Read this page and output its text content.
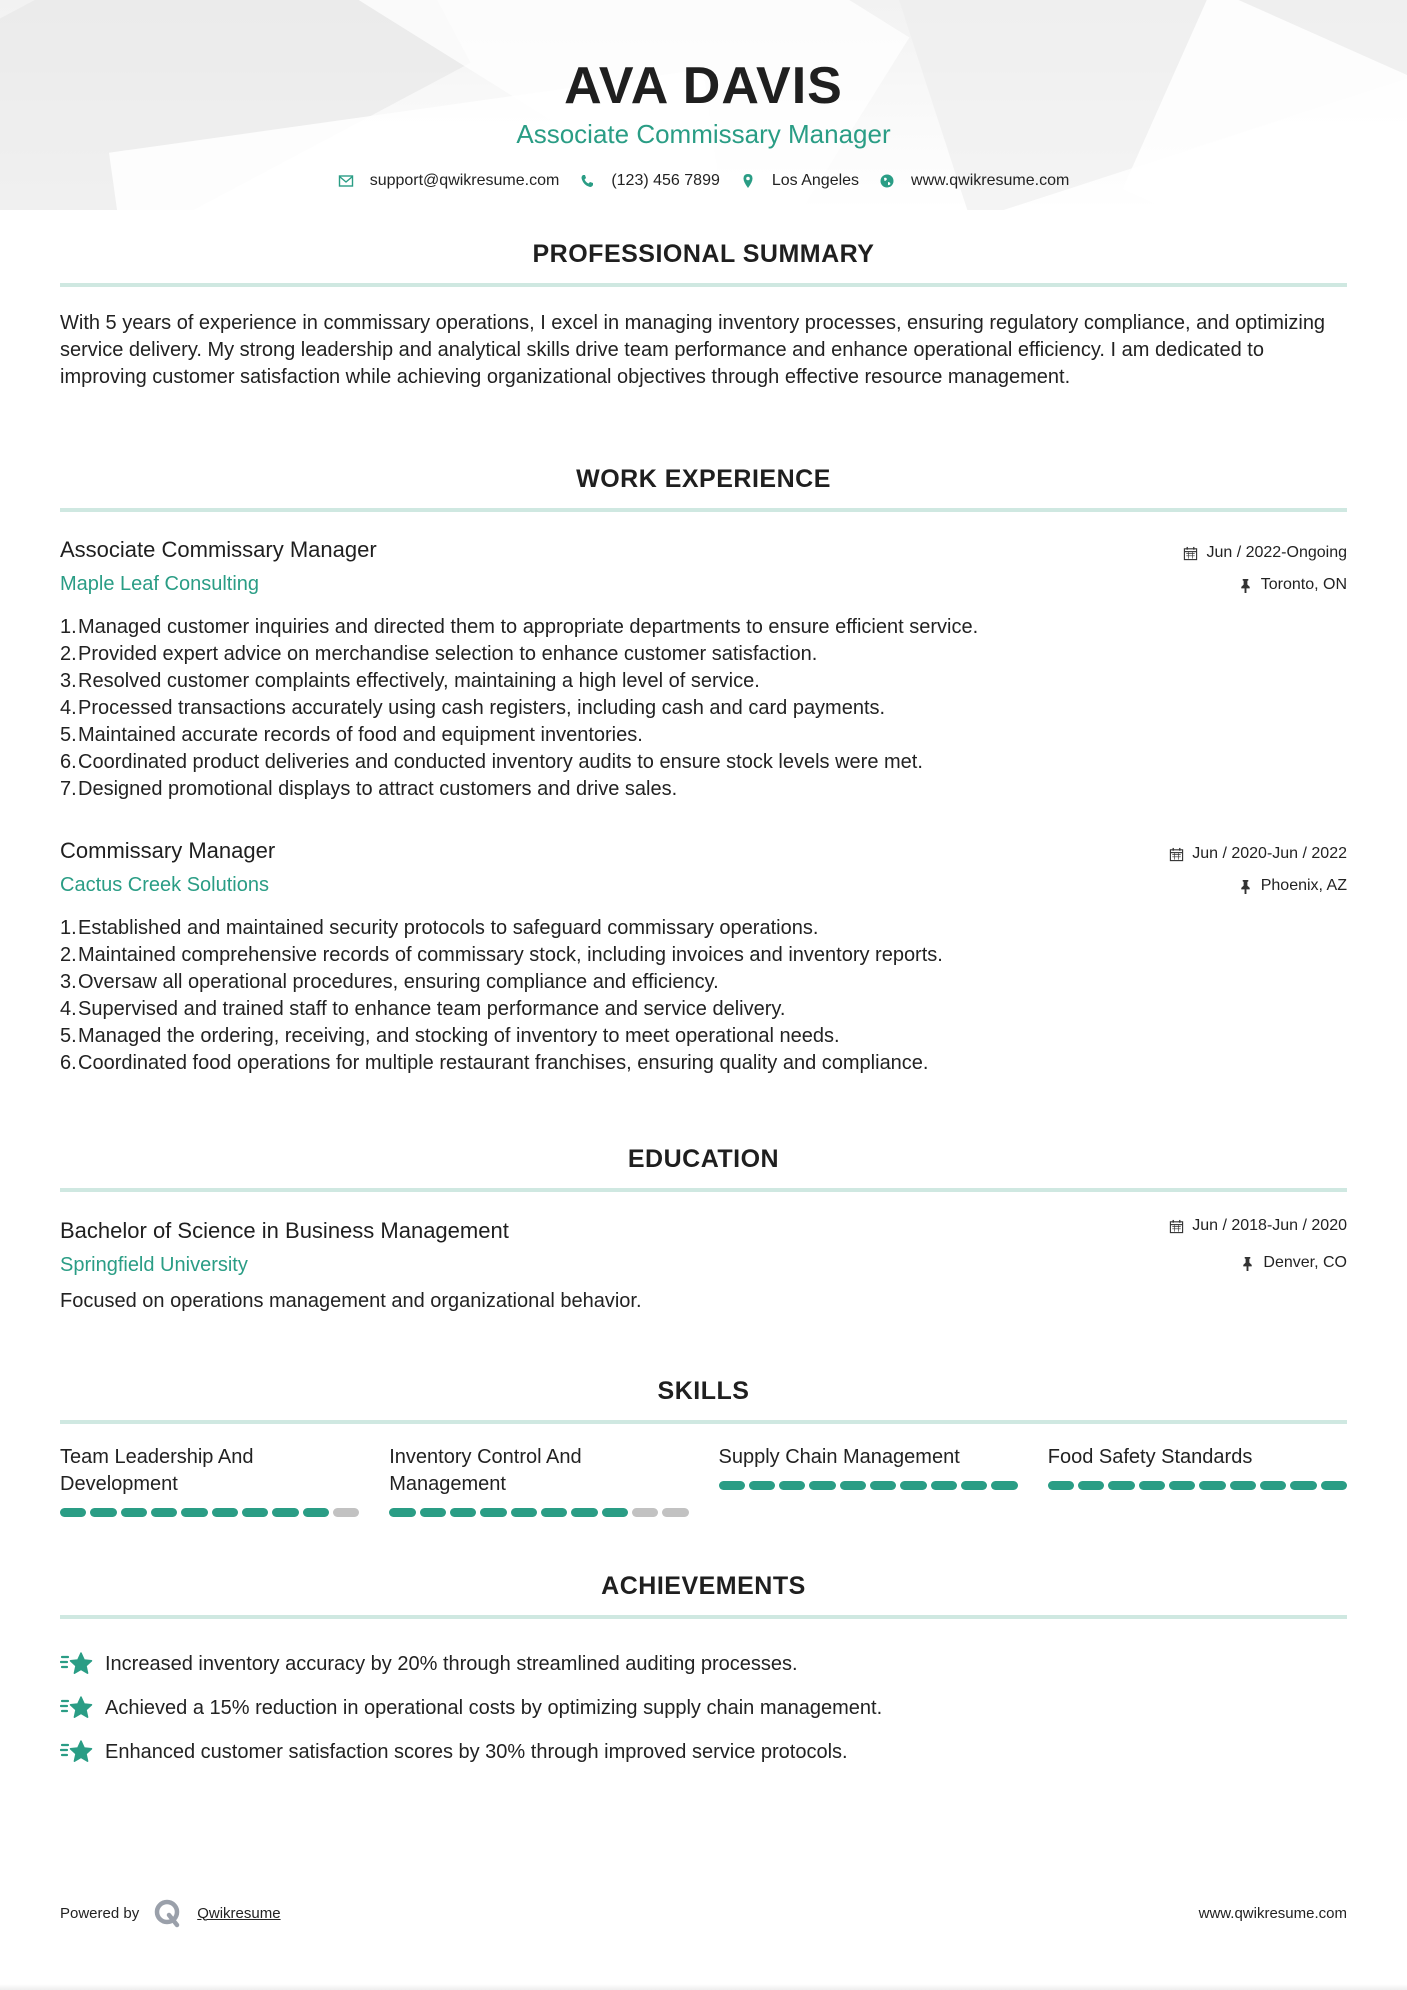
AVA DAVIS
Associate Commissary Manager
support@qwikresume.com	(123) 456 7899	Los Angeles	www.qwikresume.com
PROFESSIONAL SUMMARY

With 5 years of experience in commissary operations, I excel in managing inventory processes, ensuring regulatory compliance, and optimizing service delivery. My strong leadership and analytical skills drive team performance and enhance operational efficiency. I am dedicated to improving customer satisfaction while achieving organizational objectives through effective resource management.

WORK EXPERIENCE
Associate Commissary Manager
Maple Leaf Consulting
Jun / 2022-Ongoing
Toronto, ON
1. Managed customer inquiries and directed them to appropriate departments to ensure efficient service.
2. Provided expert advice on merchandise selection to enhance customer satisfaction.
3. Resolved customer complaints effectively, maintaining a high level of service.
4. Processed transactions accurately using cash registers, including cash and card payments.
5. Maintained accurate records of food and equipment inventories.
6. Coordinated product deliveries and conducted inventory audits to ensure stock levels were met.
7. Designed promotional displays to attract customers and drive sales.
Commissary Manager
Cactus Creek Solutions
Jun / 2020-Jun / 2022
Phoenix, AZ
1. Established and maintained security protocols to safeguard commissary operations.
2. Maintained comprehensive records of commissary stock, including invoices and inventory reports.
3. Oversaw all operational procedures, ensuring compliance and efficiency.
4. Supervised and trained staff to enhance team performance and service delivery.
5. Managed the ordering, receiving, and stocking of inventory to meet operational needs.
6. Coordinated food operations for multiple restaurant franchises, ensuring quality and compliance.
EDUCATION
Bachelor of Science in Business Management
Springfield University
Jun / 2018-Jun / 2020
Denver, CO
Focused on operations management and organizational behavior.
SKILLS
Team Leadership And Development
Inventory Control And Management
Supply Chain Management	Food Safety Standards
ACHIEVEMENTS
Increased inventory accuracy by 20% through streamlined auditing processes.
Achieved a 15% reduction in operational costs by optimizing supply chain management.
Enhanced customer satisfaction scores by 30% through improved service protocols.
Powered by	Qwikresume	www.qwikresume.com
